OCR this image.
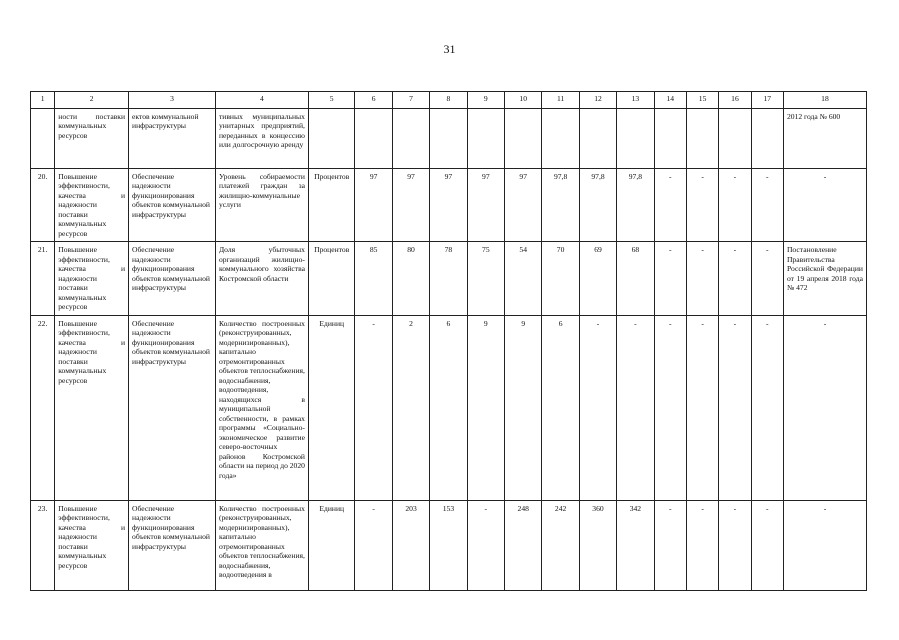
31
1	2	3	4	5	6	7	8	9	10	11	12	13	14	15	16	17	18
	ности поставки коммунальных ресурсов	ектов коммунальной инфраструктуры	тивных муниципальных унитарных предприятий, переданных в концессию или долгосрочную аренду														2012 года № 600
20.	Повышение эффективности, качества и надежности поставки коммунальных ресурсов	Обеспечение надежности функционирования объектов коммунальной инфраструктуры	Уровень собираемости платежей граждан за жилищно-коммунальные услуги	Процентов	97	97	97	97	97	97,8	97,8	97,8	-	-	-	-	-
21.	Повышение эффективности, качества и надежности поставки коммунальных ресурсов	Обеспечение надежности функционирования объектов коммунальной инфраструктуры	Доля убыточных организаций жилищно-коммунального хозяйства Костромской области	Процентов	85	80	78	75	54	70	69	68	-	-	-	-	Постановление Правительства Российской Федерации от 19 апреля 2018 года № 472
22.	Повышение эффективности, качества и надежности поставки коммунальных ресурсов	Обеспечение надежности функционирования объектов коммунальной инфраструктуры	Количество построенных (реконструированных, модернизированных), капитально отремонтированных объектов теплоснабжения, водоснабжения, водоотведения, находящихся в муниципальной собственности, в рамках программы «Социально-экономическое развитие северо-восточных районов Костромской области на период до 2020 года»	Единиц	-	2	6	9	9	6	-	-	-	-	-	-	-
23.	Повышение эффективности, качества и надежности поставки коммунальных ресурсов	Обеспечение надежности функционирования объектов коммунальной инфраструктуры	Количество построенных (реконструированных, модернизированных), капитально отремонтированных объектов теплоснабжения, водоснабжения, водоотведения в	Единиц	-	203	153	-	248	242	360	342	-	-	-	-	-
